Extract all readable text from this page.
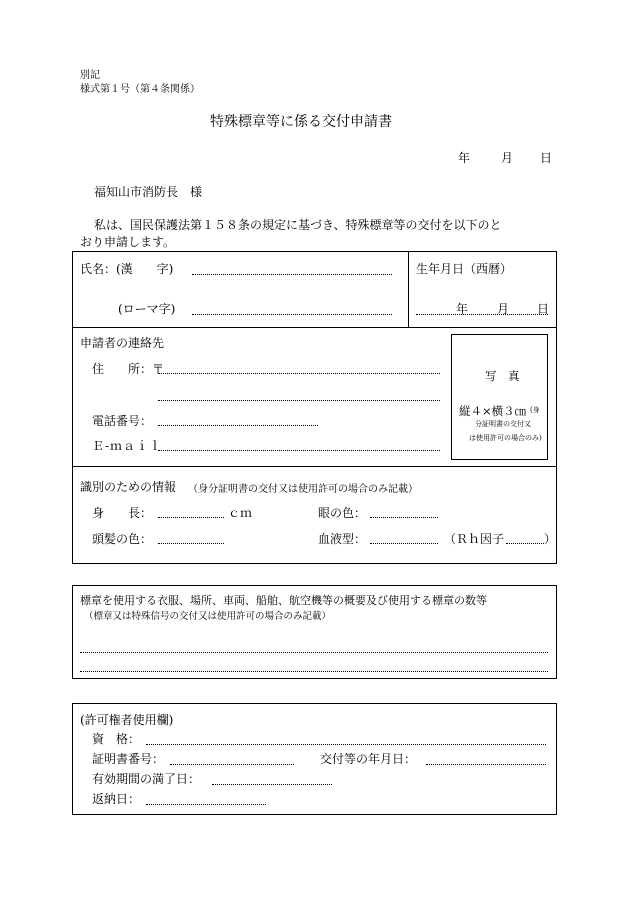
別記
様式第１号（第４条関係）
特殊標章等に係る交付申請書
年	月 日
福知山市消防長　様
私は、国民保護法第１５８条の規定に基づき、特殊標章等の交付を以下のと
おり申請します。
氏名：(漢　　字)
(ローマ字)
生年月日（西暦）
年 月 日
申請者の連絡先
住　　所：〒
電話番号：
Ｅ-ｍａｉｌ
写　真
縦４×横３㎝ (身
分証明書の交付又
は使用許可の場合のみ)
識別のための情報 （身分証明書の交付又は使用許可の場合のみ記載）
身　　長：	ｃｍ	眼の色：
頭髪の色：	血液型：	（Ｒｈ因子	）
標章を使用する衣服、場所、車両、船舶、航空機等の概要及び使用する標章の数等
（標章又は特殊信号の交付又は使用許可の場合のみ記載）
(許可権者使用欄)
資　格：
証明書番号：	交付等の年月日：
有効期間の満了日：
返納日：
